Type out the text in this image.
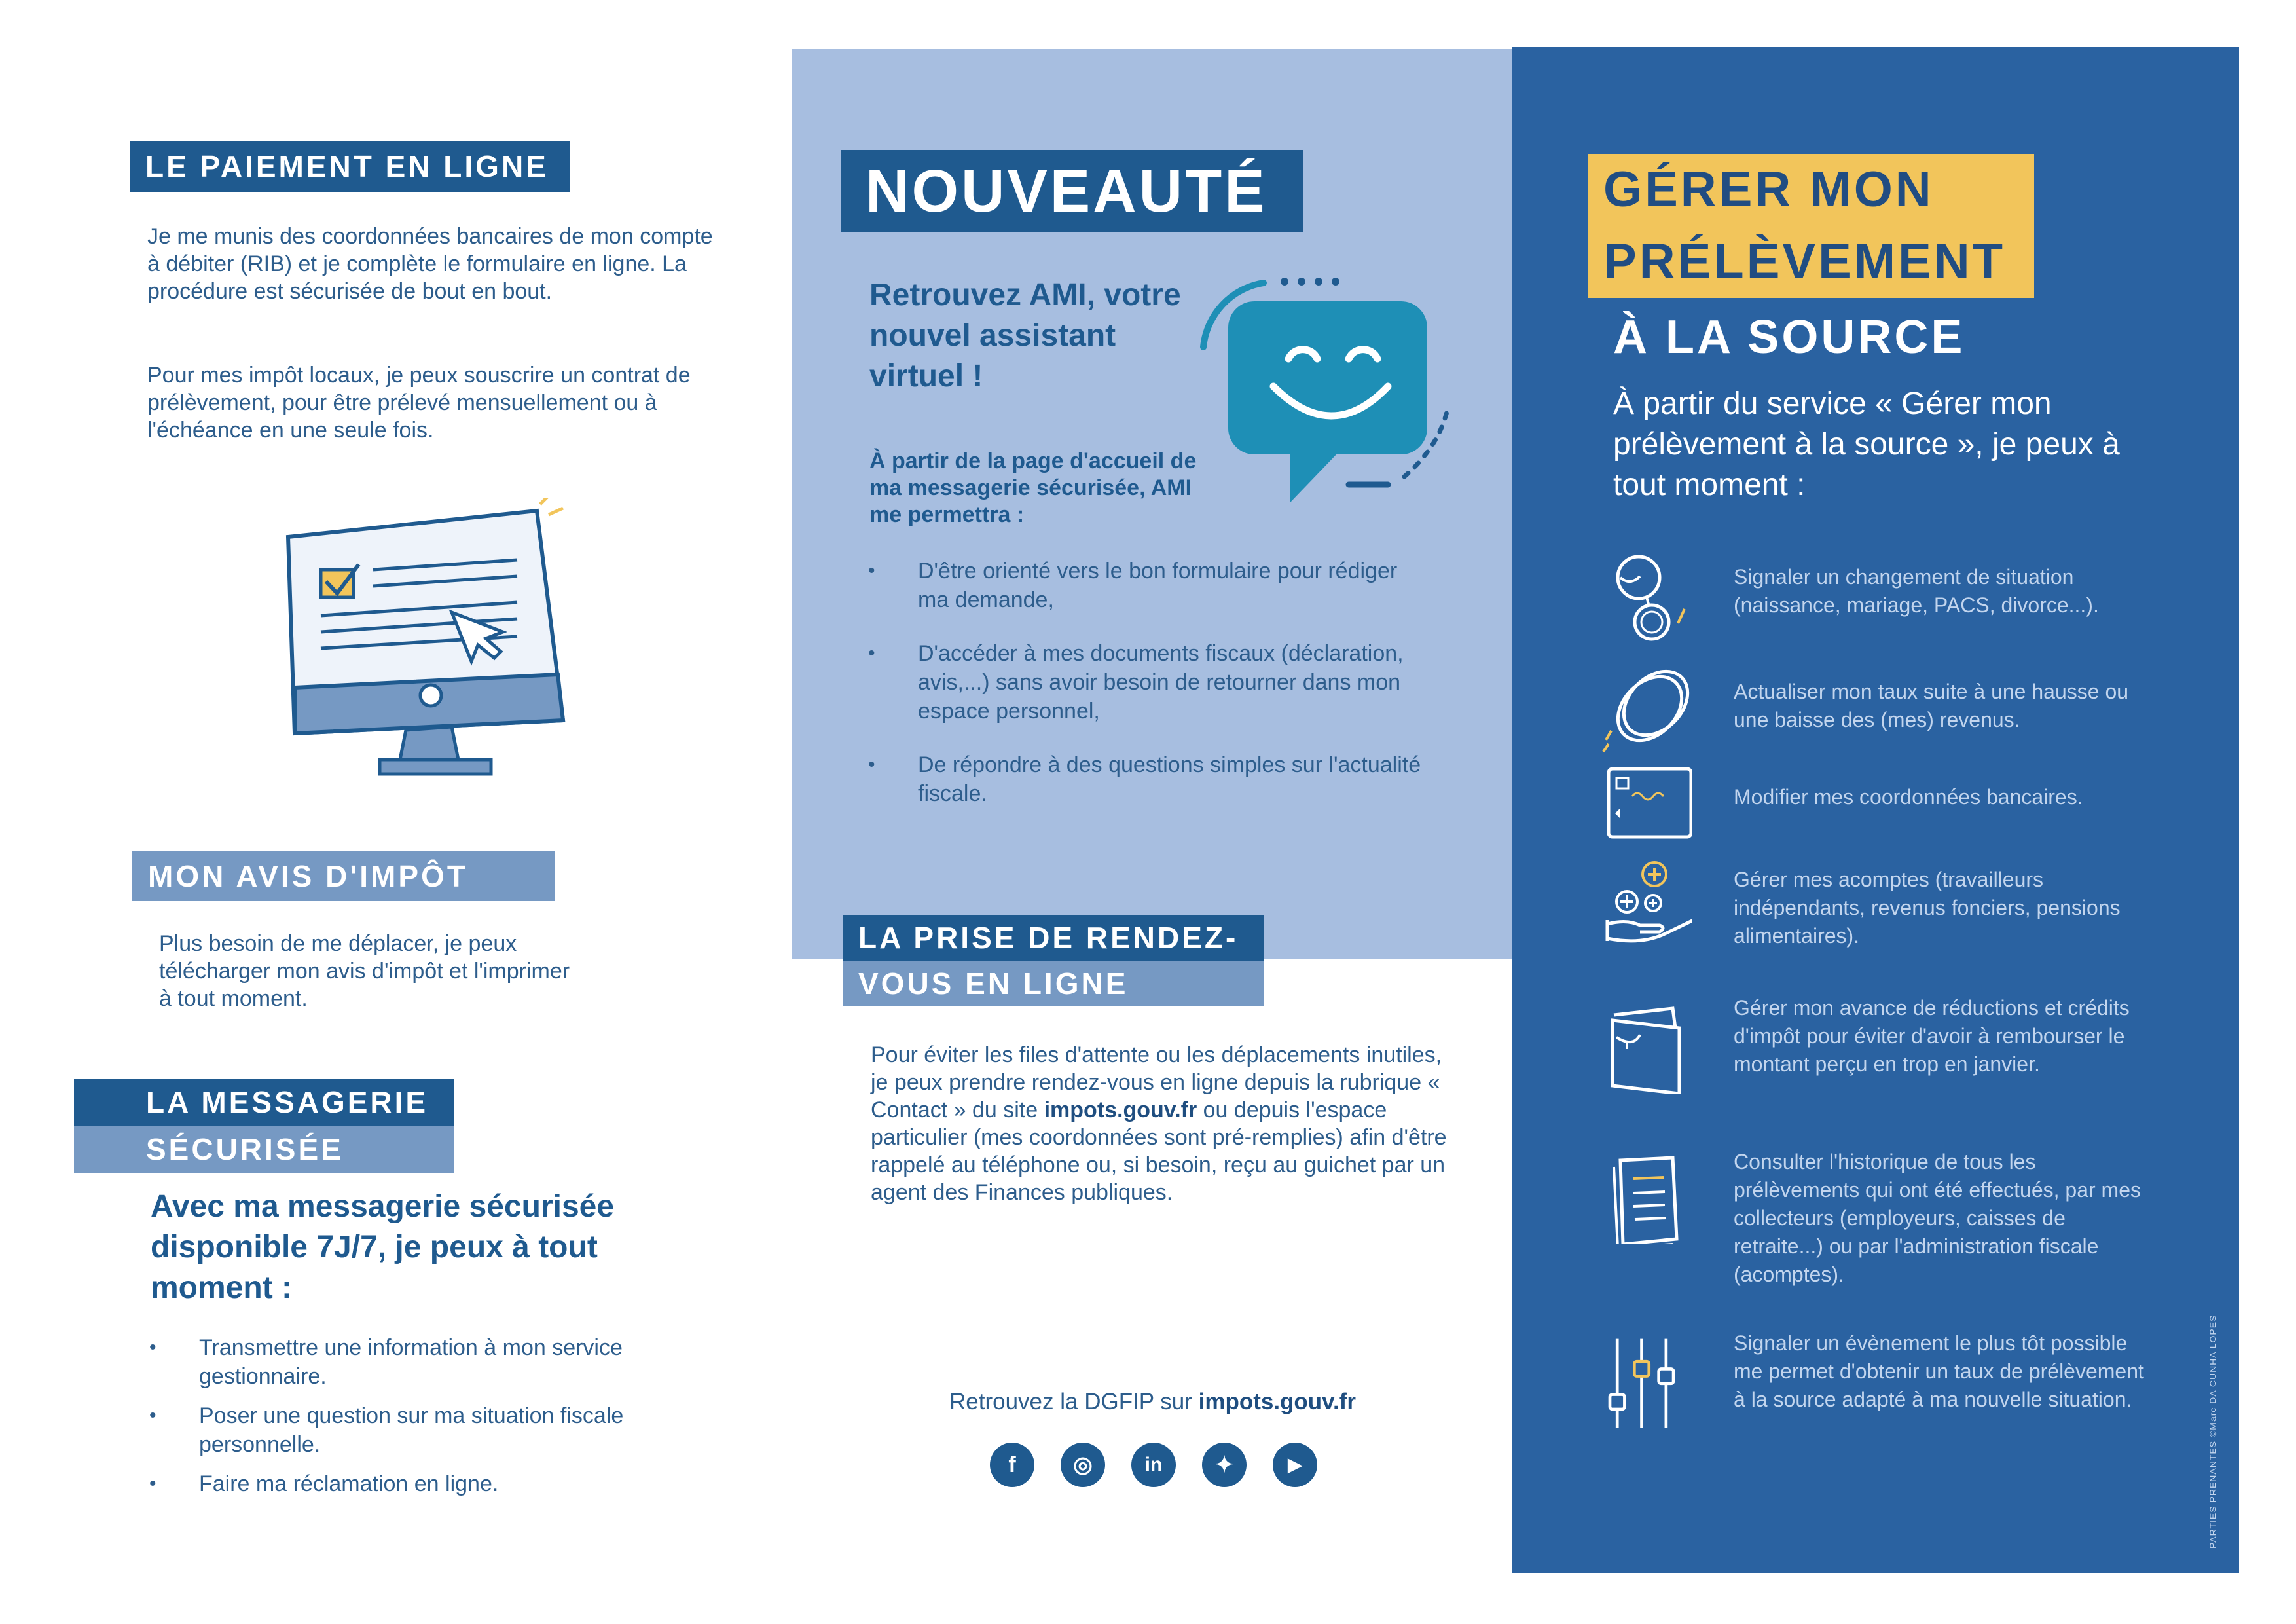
LE PAIEMENT EN LIGNE

Je me munis des coordonnées bancaires de mon compte à débiter (RIB) et je complète le formulaire en ligne. La procédure est sécurisée de bout en bout.

Pour mes impôt locaux, je peux souscrire un contrat de prélèvement, pour être prélevé mensuellement ou à l'échéance en une seule fois.

MON AVIS D'IMPÔT

Plus besoin de me déplacer, je peux télécharger mon avis d'impôt et l'imprimer à tout moment.

LA MESSAGERIE
SÉCURISÉE

Avec ma messagerie sécurisée disponible 7J/7, je peux à tout moment :

• Transmettre une information à mon service gestionnaire.
• Poser une question sur ma situation fiscale personnelle.
• Faire ma réclamation en ligne.
NOUVEAUTÉ

Retrouvez AMI, votre nouvel assistant virtuel !

À partir de la page d'accueil de ma messagerie sécurisée, AMI me permettra :

• D'être orienté vers le bon formulaire pour rédiger ma demande,
• D'accéder à mes documents fiscaux (déclaration, avis,...) sans avoir besoin de retourner dans mon espace personnel,
• De répondre à des questions simples sur l'actualité fiscale.
LA PRISE DE RENDEZ-
VOUS EN LIGNE

Pour éviter les files d'attente ou les déplacements inutiles, je peux prendre rendez-vous en ligne depuis la rubrique « Contact » du site impots.gouv.fr ou depuis l'espace particulier (mes coordonnées sont pré-remplies) afin d'être rappelé au téléphone ou, si besoin, reçu au guichet par un agent des Finances publiques.

Retrouvez la DGFIP sur impots.gouv.fr

f	◎	in	✦	▶
GÉRER MON
PRÉLÈVEMENT
À LA SOURCE

À partir du service « Gérer mon prélèvement à la source », je peux à tout moment :

Signaler un changement de situation (naissance, mariage, PACS, divorce...).
Actualiser mon taux suite à une hausse ou une baisse des (mes) revenus.
Modifier mes coordonnées bancaires.
Gérer mes acomptes (travailleurs indépendants, revenus fonciers, pensions alimentaires).
Gérer mon avance de réductions et crédits d'impôt pour éviter d'avoir à rembourser le montant perçu en trop en janvier.
Consulter l'historique de tous les prélèvements qui ont été effectués, par mes collecteurs (employeurs, caisses de retraite...) ou par l'administration fiscale (acomptes).
Signaler un évènement le plus tôt possible me permet d'obtenir un taux de prélèvement à la source adapté à ma nouvelle situation.	PARTIES PRENANTES ©Marc DA CUNHA LOPES
